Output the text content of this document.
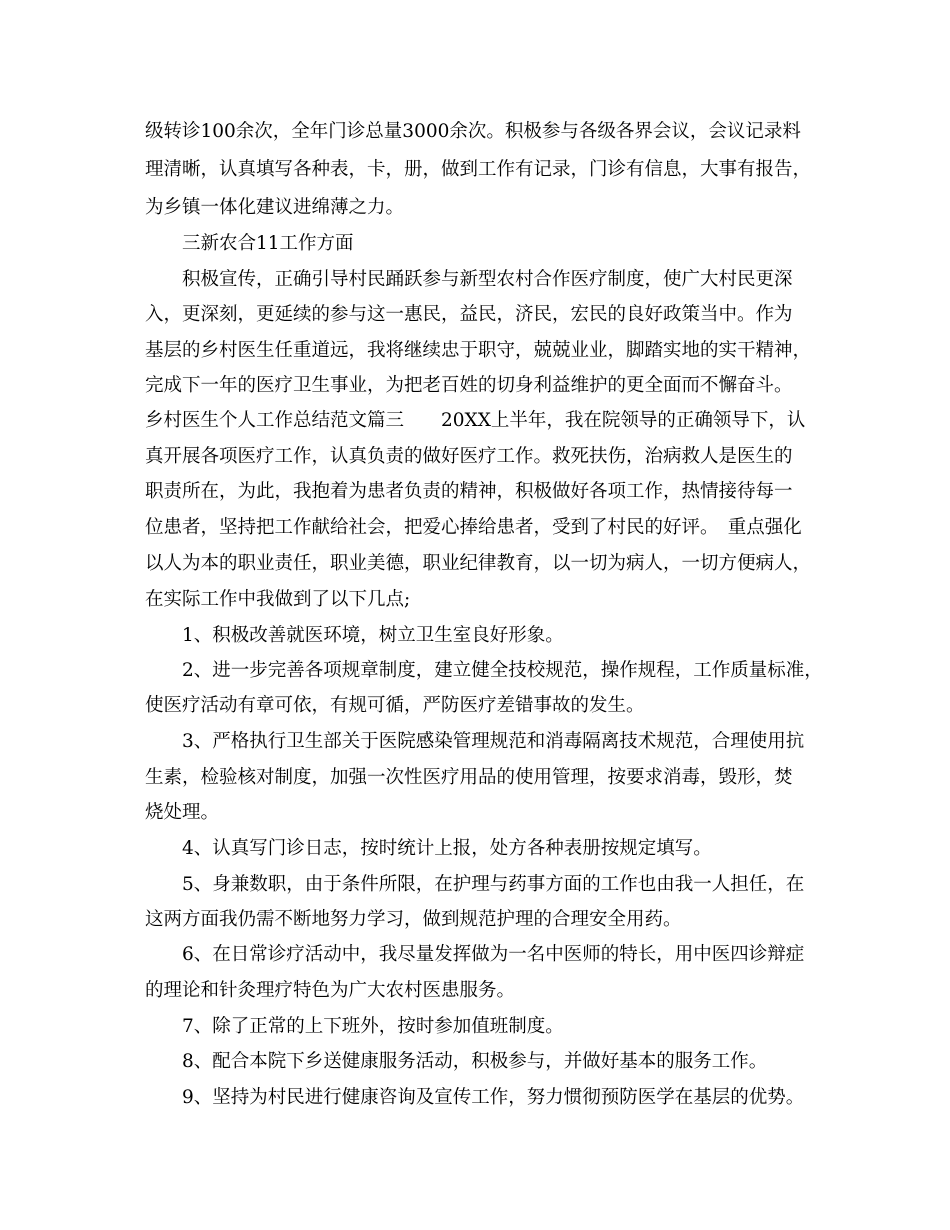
级转诊100余次，全年门诊总量3000余次。积极参与各级各界会议，会议记录料
理清晰，认真填写各种表，卡，册，做到工作有记录，门诊有信息，大事有报告，
为乡镇一体化建议进绵薄之力。
三新农合11工作方面
积极宣传，正确引导村民踊跃参与新型农村合作医疗制度，使广大村民更深
入，更深刻，更延续的参与这一惠民，益民，济民，宏民的良好政策当中。作为
基层的乡村医生任重道远，我将继续忠于职守，兢兢业业，脚踏实地的实干精神，
完成下一年的医疗卫生事业，为把老百姓的切身利益维护的更全面而不懈奋斗。
乡村医生个人工作总结范文篇三　　20XX上半年，我在院领导的正确领导下，认
真开展各项医疗工作，认真负责的做好医疗工作。救死扶伤，治病救人是医生的
职责所在，为此，我抱着为患者负责的精神，积极做好各项工作，热情接待每一
位患者，坚持把工作献给社会，把爱心捧给患者，受到了村民的好评。　重点强化
以人为本的职业责任，职业美德，职业纪律教育，以一切为病人，一切方便病人，
在实际工作中我做到了以下几点;
1、积极改善就医环境，树立卫生室良好形象。
2、进一步完善各项规章制度，建立健全技校规范，操作规程，工作质量标准，
使医疗活动有章可依，有规可循，严防医疗差错事故的发生。
3、严格执行卫生部关于医院感染管理规范和消毒隔离技术规范，合理使用抗
生素，检验核对制度，加强一次性医疗用品的使用管理，按要求消毒，毁形，焚
烧处理。
4、认真写门诊日志，按时统计上报，处方各种表册按规定填写。
5、身兼数职，由于条件所限，在护理与药事方面的工作也由我一人担任，在
这两方面我仍需不断地努力学习，做到规范护理的合理安全用药。
6、在日常诊疗活动中，我尽量发挥做为一名中医师的特长，用中医四诊辩症
的理论和针灸理疗特色为广大农村医患服务。
7、除了正常的上下班外，按时参加值班制度。
8、配合本院下乡送健康服务活动，积极参与，并做好基本的服务工作。
9、坚持为村民进行健康咨询及宣传工作，努力惯彻预防医学在基层的优势。
